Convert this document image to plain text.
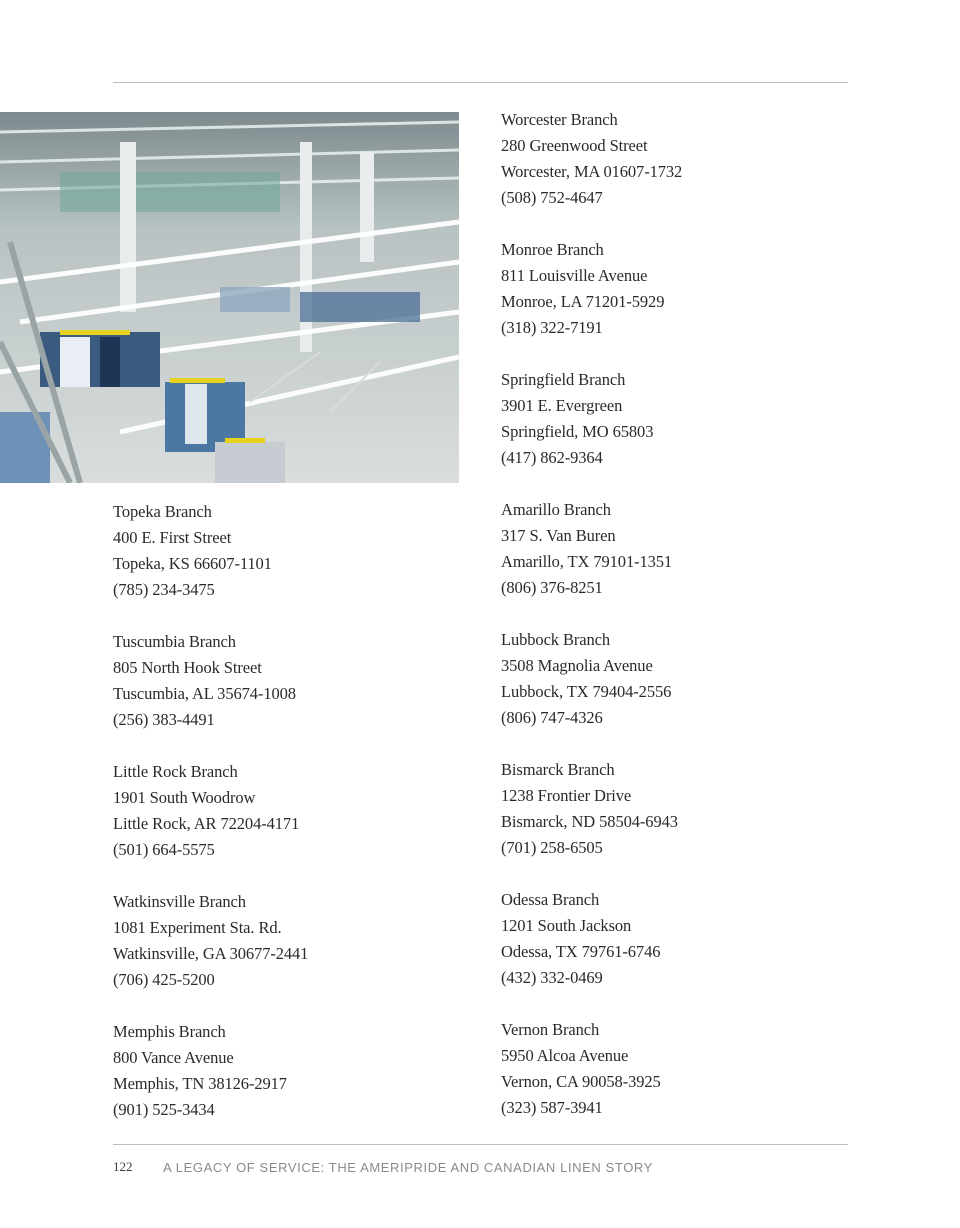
Topeka Branch
400 E. First Street
Topeka, KS 66607-1101
(785) 234-3475
Tuscumbia Branch
805 North Hook Street
Tuscumbia, AL 35674-1008
(256) 383-4491
Little Rock Branch
1901 South Woodrow
Little Rock, AR 72204-4171
(501) 664-5575
Watkinsville Branch
1081 Experiment Sta. Rd.
Watkinsville, GA 30677-2441
(706) 425-5200
Memphis Branch
800 Vance Avenue
Memphis, TN 38126-2917
(901) 525-3434
Worcester Branch
280 Greenwood Street
Worcester, MA 01607-1732
(508) 752-4647
Monroe Branch
811 Louisville Avenue
Monroe, LA 71201-5929
(318) 322-7191
Springfield Branch
3901 E. Evergreen
Springfield, MO 65803
(417) 862-9364
Amarillo Branch
317 S. Van Buren
Amarillo, TX 79101-1351
(806) 376-8251
Lubbock Branch
3508 Magnolia Avenue
Lubbock, TX 79404-2556
(806) 747-4326
Bismarck Branch
1238 Frontier Drive
Bismarck, ND 58504-6943
(701) 258-6505
Odessa Branch
1201 South Jackson
Odessa, TX 79761-6746
(432) 332-0469
Vernon Branch
5950 Alcoa Avenue
Vernon, CA 90058-3925
(323) 587-3941
122	A LEGACY OF SERVICE: THE AMERIPRIDE AND CANADIAN LINEN STORY
